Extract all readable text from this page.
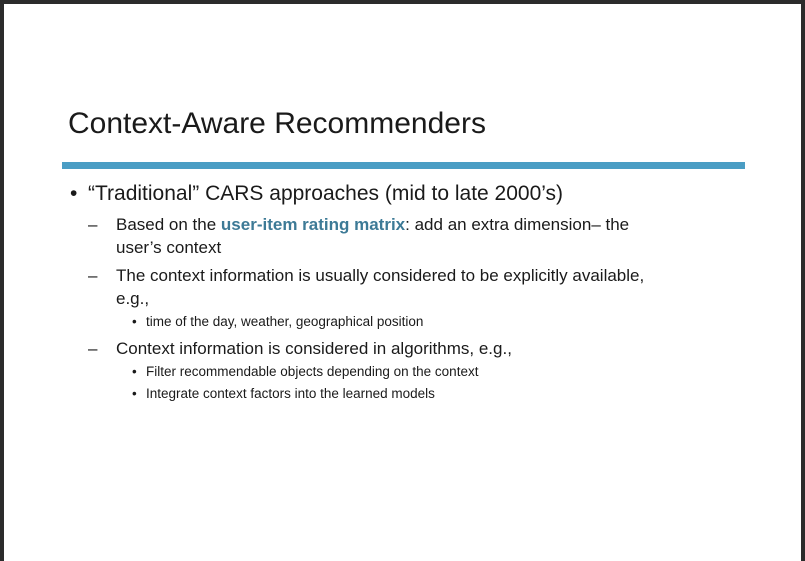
Context-Aware Recommenders
• “Traditional” CARS approaches (mid to late 2000’s)
–	Based on the user-item rating matrix: add an extra dimension– the user’s context
–	The context information is usually considered to be explicitly available, e.g.,
• time of the day, weather, geographical position
–	Context information is considered in algorithms, e.g.,
• Filter recommendable objects depending on the context
• Integrate context factors into the learned models
